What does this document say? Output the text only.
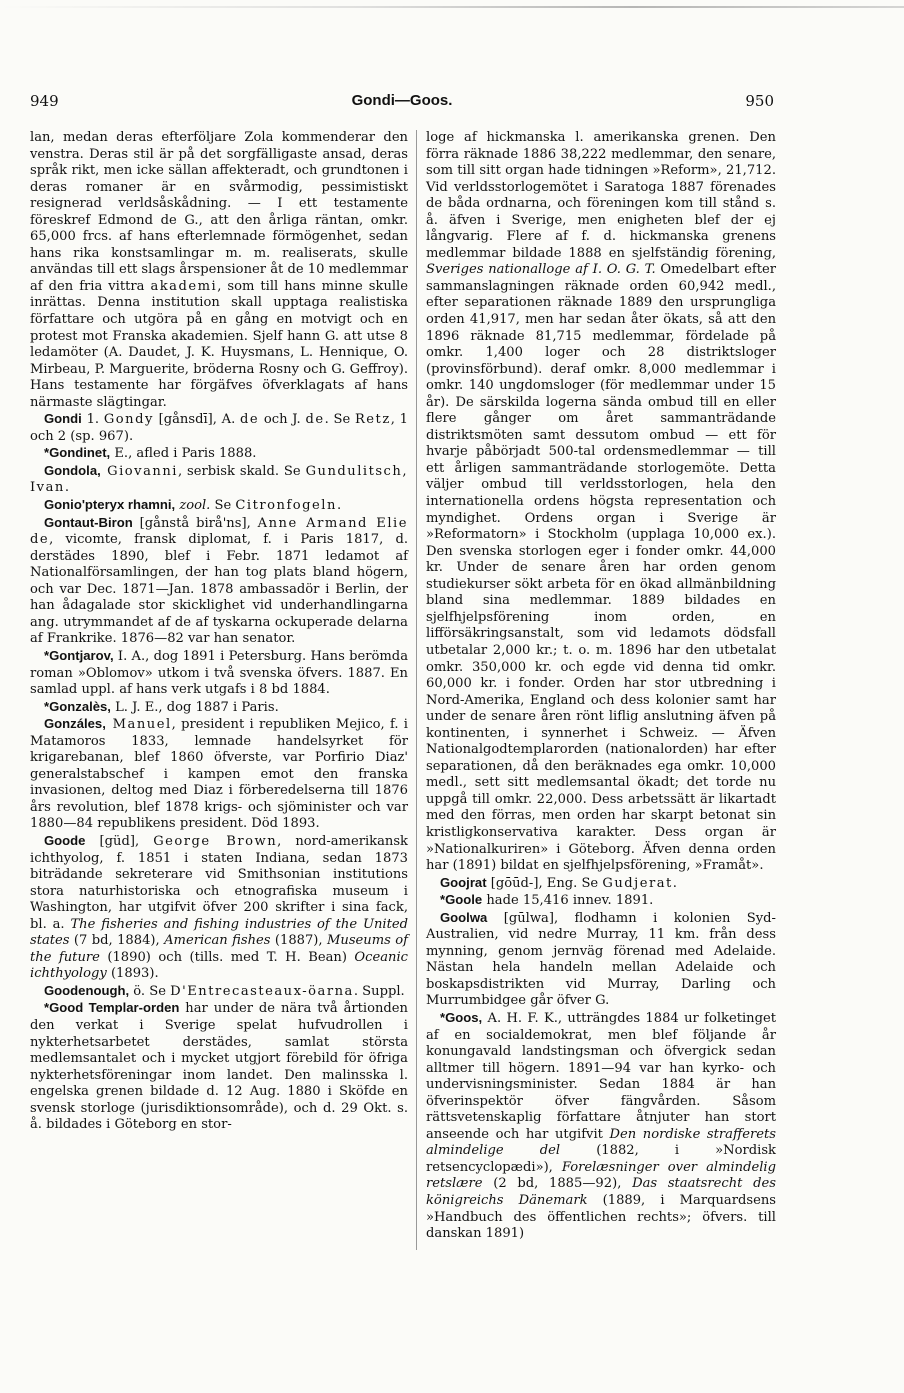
949	Gondi—Goos.	950

lan, medan deras efterföljare Zola kommenderar den venstra. Deras stil är på det sorgfälligaste ansad, deras språk rikt, men icke sällan affekteradt, och grundtonen i deras romaner är en svårmodig, pessimistiskt resignerad verldsåskådning. — I ett testamente föreskref Edmond de G., att den årliga räntan, omkr. 65,000 frcs. af hans efterlemnade förmögenhet, sedan hans rika konstsamlingar m. m. realiserats, skulle användas till ett slags årspensioner åt de 10 medlemmar af den fria vittra akademi, som till hans minne skulle inrättas. Denna institution skall upptaga realistiska författare och utgöra på en gång en motvigt och en protest mot Franska akademien. Sjelf hann G. att utse 8 ledamöter (A. Daudet, J. K. Huysmans, L. Hennique, O. Mirbeau, P. Marguerite, bröderna Rosny och G. Geffroy). Hans testamente har förgäfves öfverklagats af hans närmaste slägtingar.

Gondi 1. Gondy [gånsdī], A. de och J. de. Se Retz, 1 och 2 (sp. 967).

*Gondinet, E., afled i Paris 1888.

Gondola, Giovanni, serbisk skald. Se Gundulitsch, Ivan.

Gonio'pteryx rhamni, zool. Se Citronfogeln.

Gontaut-Biron [gånstå birå'ns], Anne Armand Elie de, vicomte, fransk diplomat, f. i Paris 1817, d. derstädes 1890, blef i Febr. 1871 ledamot af Nationalförsamlingen, der han tog plats bland högern, och var Dec. 1871—Jan. 1878 ambassadör i Berlin, der han ådagalade stor skicklighet vid underhandlingarna ang. utrymmandet af de af tyskarna ockuperade delarna af Frankrike. 1876—82 var han senator.

*Gontjarov, I. A., dog 1891 i Petersburg. Hans berömda roman »Oblomov» utkom i två svenska öfvers. 1887. En samlad uppl. af hans verk utgafs i 8 bd 1884.

*Gonzalès, L. J. E., dog 1887 i Paris.

Gonzáles, Manuel, president i republiken Mejico, f. i Matamoros 1833, lemnade handelsyrket för krigarebanan, blef 1860 öfverste, var Porfirio Diaz' generalstabschef i kampen emot den franska invasionen, deltog med Diaz i förberedelserna till 1876 års revolution, blef 1878 krigs- och sjöminister och var 1880—84 republikens president. Död 1893.

Goode [güd], George Brown, nord-amerikansk ichthyolog, f. 1851 i staten Indiana, sedan 1873 biträdande sekreterare vid Smithsonian institutions stora naturhistoriska och etnografiska museum i Washington, har utgifvit öfver 200 skrifter i sina fack, bl. a. The fisheries and fishing industries of the United states (7 bd, 1884), American fishes (1887), Museums of the future (1890) och (tills. med T. H. Bean) Oceanic ichthyology (1893).

Goodenough, ö. Se D'Entrecasteaux-öarna. Suppl.

*Good Templar-orden har under de nära två årtionden den verkat i Sverige spelat hufvudrollen i nykterhetsarbetet derstädes, samlat största medlemsantalet och i mycket utgjort förebild för öfriga nykterhetsföreningar inom landet. Den malinsska l. engelska grenen bildade d. 12 Aug. 1880 i Sköfde en svensk storloge (jurisdiktionsområde), och d. 29 Okt. s. å. bildades i Göteborg en stor-

loge af hickmanska l. amerikanska grenen. Den förra räknade 1886 38,222 medlemmar, den senare, som till sitt organ hade tidningen »Reform», 21,712. Vid verldsstorlogemötet i Saratoga 1887 förenades de båda ordnarna, och föreningen kom till stånd s. å. äfven i Sverige, men enigheten blef der ej långvarig. Flere af f. d. hickmanska grenens medlemmar bildade 1888 en sjelfständig förening, Sveriges nationalloge af I. O. G. T. Omedelbart efter sammanslagningen räknade orden 60,942 medl., efter separationen räknade 1889 den ursprungliga orden 41,917, men har sedan åter ökats, så att den 1896 räknade 81,715 medlemmar, fördelade på omkr. 1,400 loger och 28 distriktsloger (provinsförbund). deraf omkr. 8,000 medlemmar i omkr. 140 ungdomsloger (för medlemmar under 15 år). De särskilda logerna sända ombud till en eller flere gånger om året sammanträdande distriktsmöten samt dessutom ombud — ett för hvarje påbörjadt 500-tal ordensmedlemmar — till ett årligen sammanträdande storlogemöte. Detta väljer ombud till verldsstorlogen, hela den internationella ordens högsta representation och myndighet. Ordens organ i Sverige är »Reformatorn» i Stockholm (upplaga 10,000 ex.). Den svenska storlogen eger i fonder omkr. 44,000 kr. Under de senare åren har orden genom studiekurser sökt arbeta för en ökad allmänbildning bland sina medlemmar. 1889 bildades en sjelfhjelpsförening inom orden, en lifförsäkringsanstalt, som vid ledamots dödsfall utbetalar 2,000 kr.; t. o. m. 1896 har den utbetalat omkr. 350,000 kr. och egde vid denna tid omkr. 60,000 kr. i fonder. Orden har stor utbredning i Nord-Amerika, England och dess kolonier samt har under de senare åren rönt liflig anslutning äfven på kontinenten, i synnerhet i Schweiz. — Äfven Nationalgodtemplarorden (nationalorden) har efter separationen, då den beräknades ega omkr. 10,000 medl., sett sitt medlemsantal ökadt; det torde nu uppgå till omkr. 22,000. Dess arbetssätt är likartadt med den förras, men orden har skarpt betonat sin kristligkonservativa karakter. Dess organ är »Nationalkuriren» i Göteborg. Äfven denna orden har (1891) bildat en sjelfhjelpsförening, »Framåt».

Goojrat [gōūd-], Eng. Se Gudjerat.

*Goole hade 15,416 innev. 1891.

Goolwa [gūlwa], flodhamn i kolonien Syd-Australien, vid nedre Murray, 11 km. från dess mynning, genom jernväg förenad med Adelaide. Nästan hela handeln mellan Adelaide och boskapsdistrikten vid Murray, Darling och Murrumbidgee går öfver G.

*Goos, A. H. F. K., utträngdes 1884 ur folketinget af en socialdemokrat, men blef följande år konungavald landstingsman och öfvergick sedan alltmer till högern. 1891—94 var han kyrko- och undervisningsminister. Sedan 1884 är han öfverinspektör öfver fängvården. Såsom rättsvetenskaplig författare åtnjuter han stort anseende och har utgifvit Den nordiske strafferets almindelige del (1882, i »Nordisk retsencyclopædi»), Forelæsninger over almindelig retslære (2 bd, 1885—92), Das staatsrecht des königreichs Dänemark (1889, i Marquardsens »Handbuch des öffentlichen rechts»; öfvers. till danskan 1891)
